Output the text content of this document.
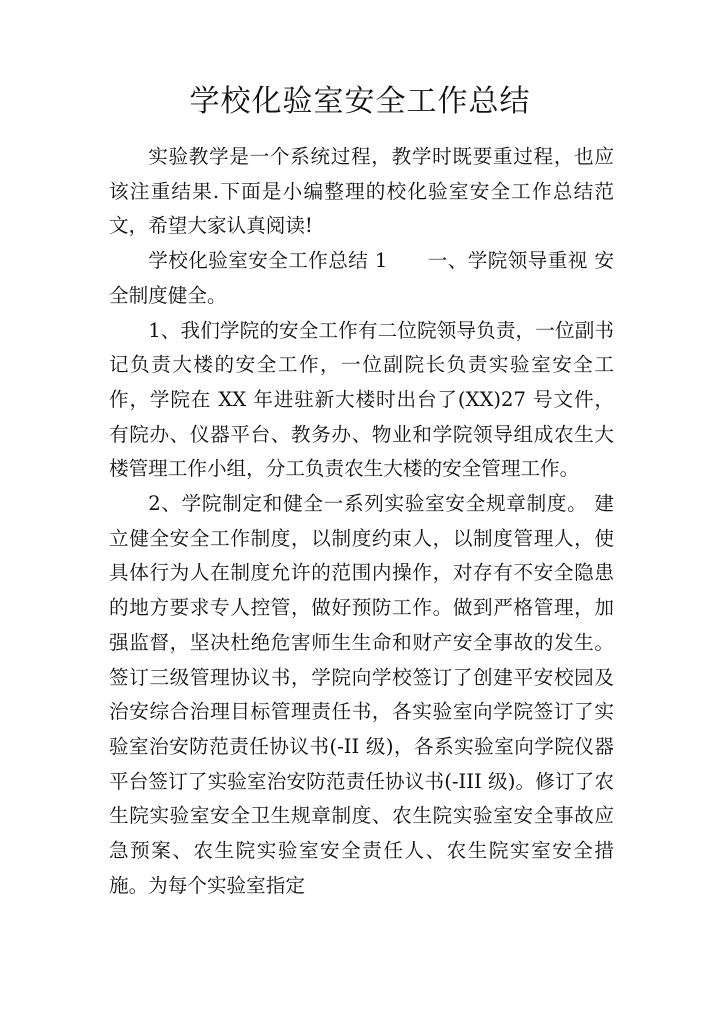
学校化验室安全工作总结

实验教学是一个系统过程，教学时既要重过程，也应该注重结果.下面是小编整理的校化验室安全工作总结范文，希望大家认真阅读!

学校化验室安全工作总结 1 一、学院领导重视 安全制度健全。

1、我们学院的安全工作有二位院领导负责，一位副书记负责大楼的安全工作，一位副院长负责实验室安全工作，学院在 XX 年进驻新大楼时出台了(XX)27 号文件，有院办、仪器平台、教务办、物业和学院领导组成农生大楼管理工作小组，分工负责农生大楼的安全管理工作。

2、学院制定和健全一系列实验室安全规章制度。 建立健全安全工作制度，以制度约束人，以制度管理人，使具体行为人在制度允许的范围内操作，对存有不安全隐患的地方要求专人控管，做好预防工作。做到严格管理，加强监督，坚决杜绝危害师生生命和财产安全事故的发生。签订三级管理协议书，学院向学校签订了创建平安校园及治安综合治理目标管理责任书，各实验室向学院签订了实验室治安防范责任协议书(-II 级)，各系实验室向学院仪器平台签订了实验室治安防范责任协议书(-III 级)。修订了农生院实验室安全卫生规章制度、农生院实验室安全事故应急预案、农生院实验室安全责任人、农生院实室安全措施。为每个实验室指定
